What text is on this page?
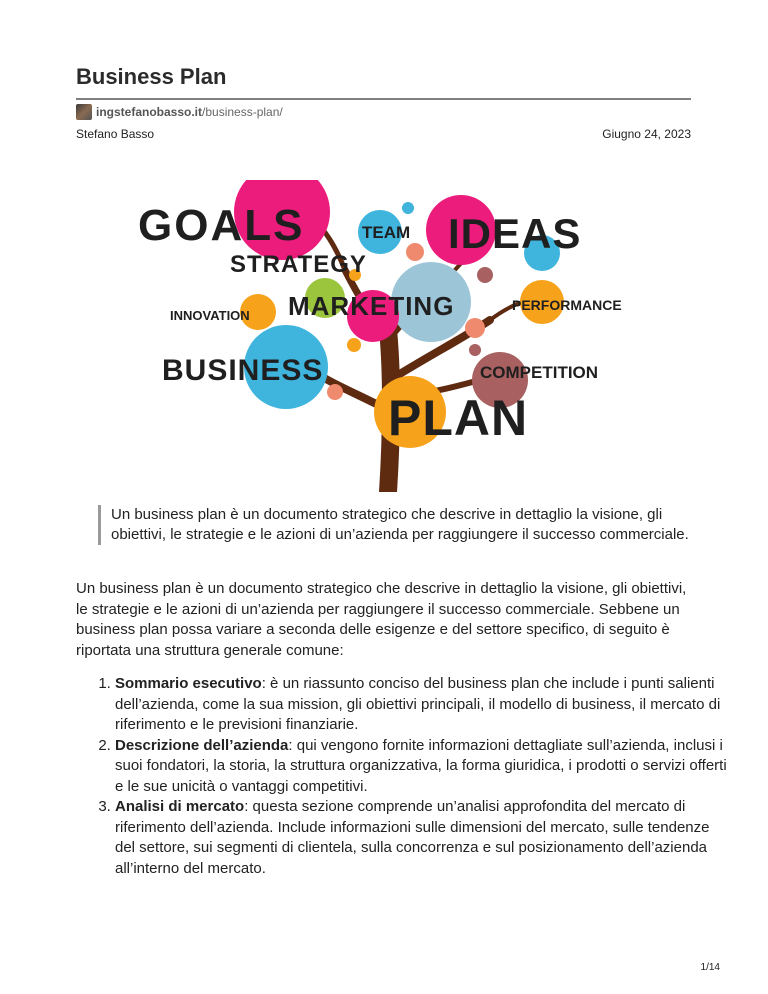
Business Plan
ingstefanobasso.it /business-plan/
Stefano Basso	Giugno 24, 2023
GOALS	TEAM IDEAS
STRATEGY
INNOVATION MARKETING	PERFORMANCE
BUSINESS	COMPETITION
PLAN
Un business plan è un documento strategico che descrive in dettaglio la visione, gli obiettivi, le strategie e le azioni di un’azienda per raggiungere il successo commerciale.

Un business plan è un documento strategico che descrive in dettaglio la visione, gli obiettivi, le strategie e le azioni di un’azienda per raggiungere il successo commerciale. Sebbene un business plan possa variare a seconda delle esigenze e del settore specifico, di seguito è riportata una struttura generale comune:

1. Sommario esecutivo: è un riassunto conciso del business plan che include i punti salienti dell’azienda, come la sua mission, gli obiettivi principali, il modello di business, il mercato di riferimento e le previsioni finanziarie.
2. Descrizione dell’azienda: qui vengono fornite informazioni dettagliate sull’azienda, inclusi i suoi fondatori, la storia, la struttura organizzativa, la forma giuridica, i prodotti o servizi offerti e le sue unicità o vantaggi competitivi.
3. Analisi di mercato: questa sezione comprende un’analisi approfondita del mercato di riferimento dell’azienda. Include informazioni sulle dimensioni del mercato, sulle tendenze del settore, sui segmenti di clientela, sulla concorrenza e sul posizionamento dell’azienda all’interno del mercato.
1/14
